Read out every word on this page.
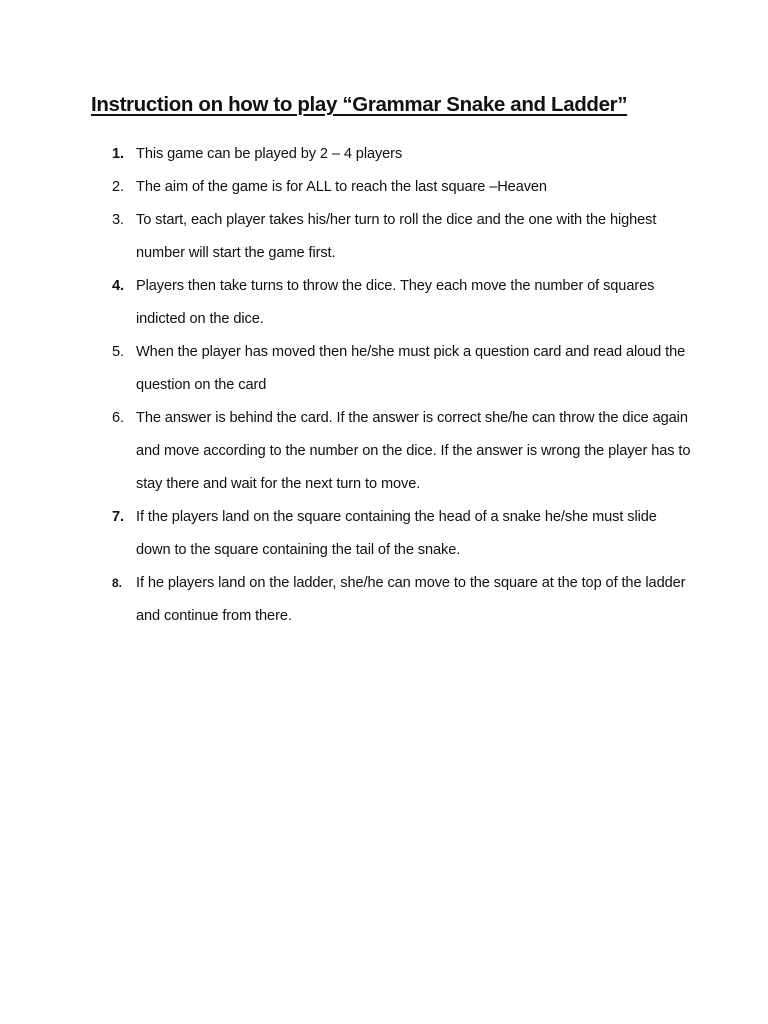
Instruction on how to play “Grammar Snake and Ladder”
1. This game can be played by 2 – 4 players
2. The aim of the game is for ALL to reach the last square –Heaven
3. To start, each player takes his/her turn to roll the dice and the one with the highest number will start the game first.
4. Players then take turns to throw the dice. They each move the number of squares indicted on the dice.
5. When the player has moved then he/she must pick a question card and read aloud the question on the card
6. The answer is behind the card. If the answer is correct she/he can throw the dice again and move according to the number on the dice. If the answer is wrong the player has to stay there and wait for the next turn to move.
7. If the players land on the square containing the head of a snake he/she must slide down to the square containing the tail of the snake.
8. If he players land on the ladder, she/he can move to the square at the top of the ladder and continue from there.
